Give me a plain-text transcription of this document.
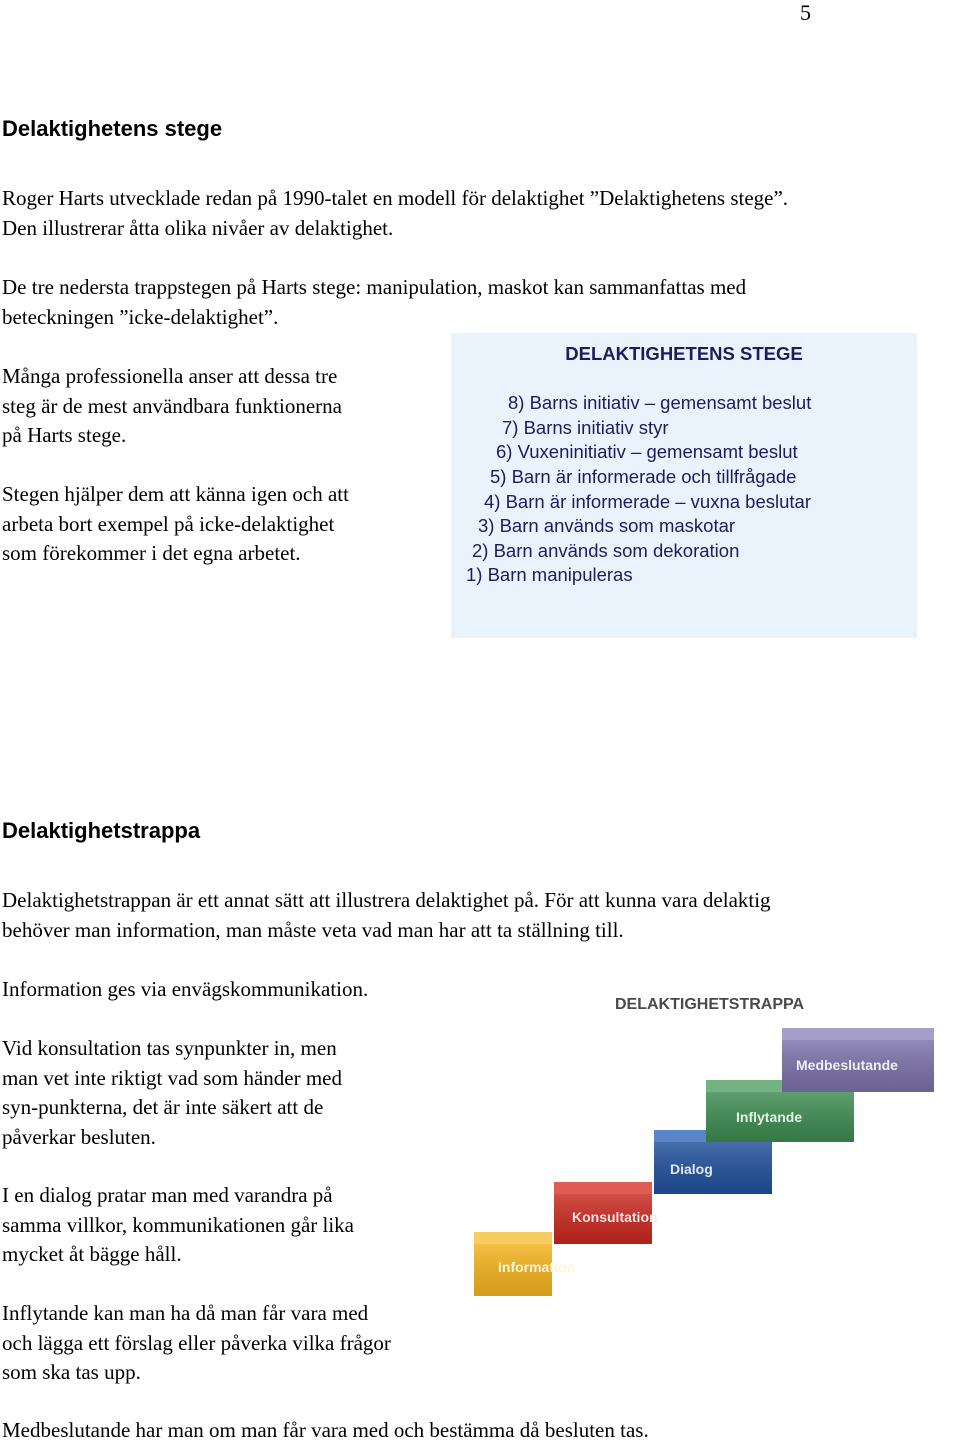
5
Delaktighetens stege
Roger Harts utvecklade redan på 1990-talet en modell för delaktighet ”Delaktighetens stege”.
Den illustrerar åtta olika nivåer av delaktighet.
De tre nedersta trappstegen på Harts stege: manipulation, maskot kan sammanfattas med
beteckningen ”icke-delaktighet”.
Många professionella anser att dessa tre
steg är de mest användbara funktionerna
på Harts stege.
Stegen hjälper dem att känna igen och att
arbeta bort exempel på icke-delaktighet
som förekommer i det egna arbetet.
DELAKTIGHETENS STEGE
8) Barns initiativ – gemensamt beslut
7) Barns initiativ styr
6) Vuxeninitiativ – gemensamt beslut
5) Barn är informerade och tillfrågade
4) Barn är informerade – vuxna beslutar
3) Barn används som maskotar
2) Barn används som dekoration
1) Barn manipuleras
Delaktighetstrappa
Delaktighetstrappan är ett annat sätt att illustrera delaktighet på. För att kunna vara delaktig
behöver man information, man måste veta vad man har att ta ställning till.
Information ges via envägskommunikation.
Vid konsultation tas synpunkter in, men
man vet inte riktigt vad som händer med
syn-punkterna, det är inte säkert att de
påverkar besluten.
I en dialog pratar man med varandra på
samma villkor, kommunikationen går lika
mycket åt bägge håll.
Inflytande kan man ha då man får vara med
och lägga ett förslag eller påverka vilka frågor
som ska tas upp.
Medbeslutande har man om man får vara med och bestämma då besluten tas.
DELAKTIGHETSTRAPPA
Information
Konsultation
Dialog
Inflytande
Medbeslutande
